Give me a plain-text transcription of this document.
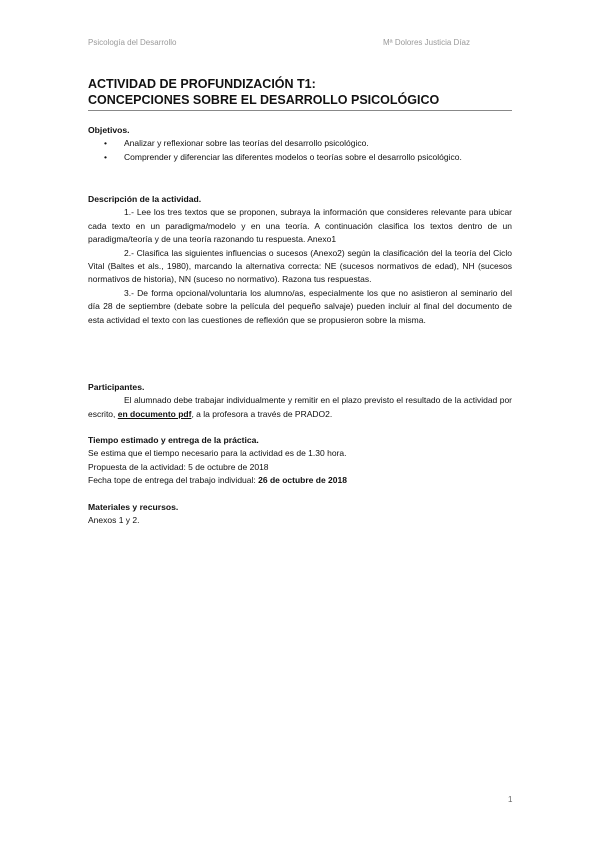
Psicología del Desarrollo	Mª Dolores Justicia Díaz
ACTIVIDAD DE PROFUNDIZACIÓN T1:
CONCEPCIONES SOBRE EL DESARROLLO PSICOLÓGICO

Objetivos.

• Analizar y reflexionar sobre las teorías del desarrollo psicológico.
• Comprender y diferenciar las diferentes modelos o teorías sobre el desarrollo psicológico.

Descripción de la actividad.

1.- Lee los tres textos que se proponen, subraya la información que consideres relevante para ubicar cada texto en un paradigma/modelo y en una teoría. A continuación clasifica los textos dentro de un paradigma/teoría y de una teoría razonando tu respuesta. Anexo1

2.- Clasifica las siguientes influencias o sucesos (Anexo2) según la clasificación del la teoría del Ciclo Vital (Baltes et als., 1980), marcando la alternativa correcta: NE (sucesos normativos de edad), NH (sucesos normativos de historia), NN (suceso no normativo). Razona tus respuestas.

3.- De forma opcional/voluntaria los alumno/as, especialmente los que no asistieron al seminario del día 28 de septiembre (debate sobre la película del pequeño salvaje) pueden incluir al final del documento de esta actividad el texto con las cuestiones de reflexión que se propusieron sobre la misma.

Participantes.

El alumnado debe trabajar individualmente y remitir en el plazo previsto el resultado de la actividad por escrito, en documento pdf, a la profesora a través de PRADO2.

Tiempo estimado y entrega de la práctica.

Se estima que el tiempo necesario para la actividad es de 1.30 hora.
Propuesta de la actividad: 5 de octubre de 2018
Fecha tope de entrega del trabajo individual: 26 de octubre de 2018

Materiales y recursos.

Anexos 1 y 2.
1
